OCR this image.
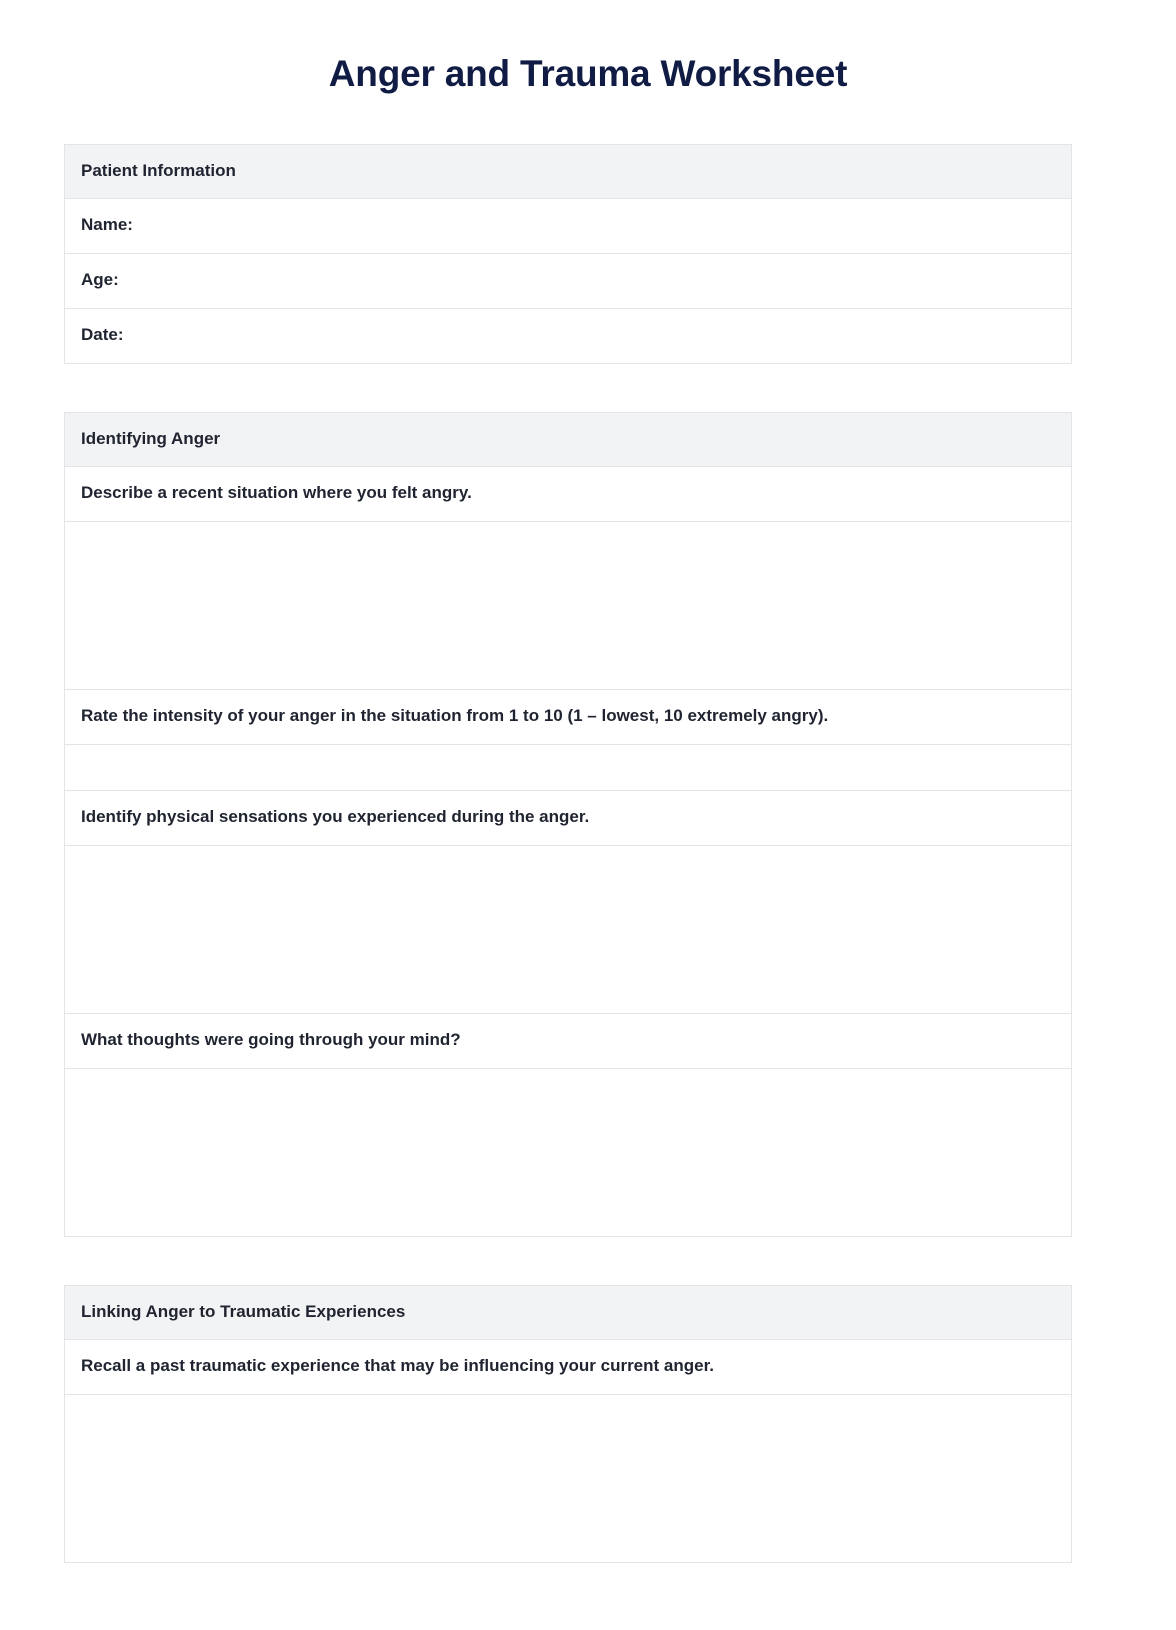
Anger and Trauma Worksheet
Patient Information
Name:
Age:
Date:
Identifying Anger
Describe a recent situation where you felt angry.
Rate the intensity of your anger in the situation from 1 to 10 (1 – lowest, 10 extremely angry).
Identify physical sensations you experienced during the anger.
What thoughts were going through your mind?
Linking Anger to Traumatic Experiences
Recall a past traumatic experience that may be influencing your current anger.
